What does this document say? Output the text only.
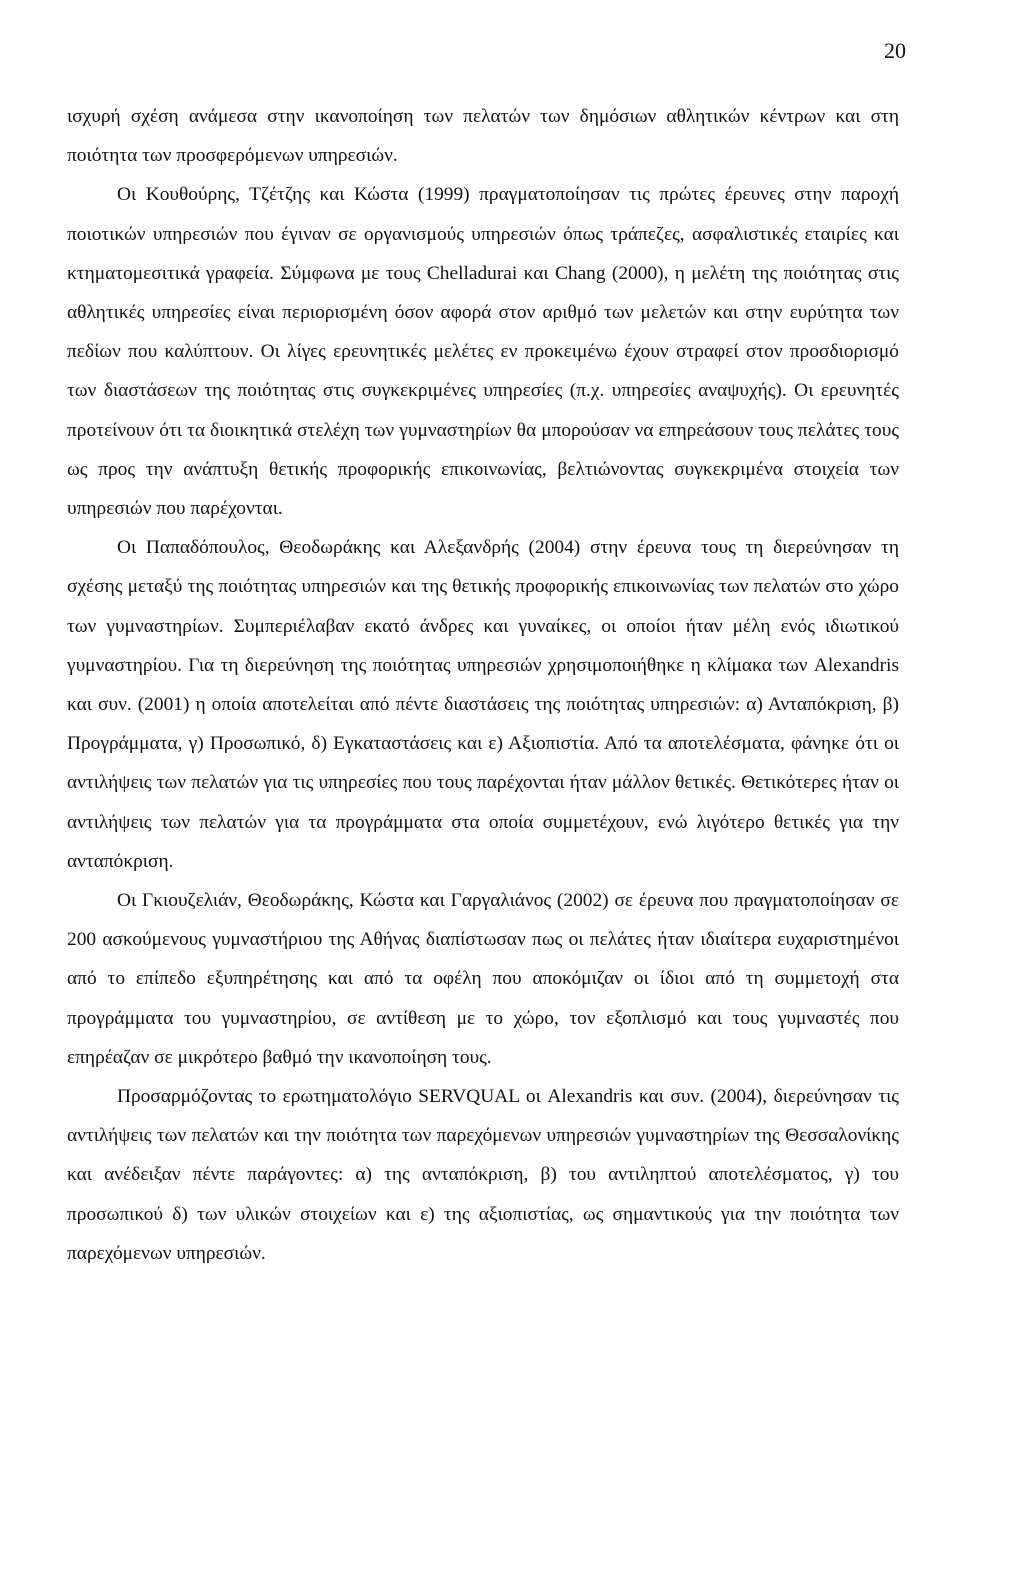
20

ισχυρή σχέση ανάμεσα στην ικανοποίηση των πελατών των δημόσιων αθλητικών κέντρων και στη ποιότητα των προσφερόμενων υπηρεσιών.

Οι Κουθούρης, Τζέτζης και Κώστα (1999) πραγματοποίησαν τις πρώτες έρευνες στην παροχή ποιοτικών υπηρεσιών που έγιναν σε οργανισμούς υπηρεσιών όπως τράπεζες, ασφαλιστικές εταιρίες και κτηματομεσιτικά γραφεία. Σύμφωνα με τους Chelladurai και Chang (2000), η μελέτη της ποιότητας στις αθλητικές υπηρεσίες είναι περιορισμένη όσον αφορά στον αριθμό των μελετών και στην ευρύτητα των πεδίων που καλύπτουν. Οι λίγες ερευνητικές μελέτες εν προκειμένω έχουν στραφεί στον προσδιορισμό των διαστάσεων της ποιότητας στις συγκεκριμένες υπηρεσίες (π.χ. υπηρεσίες αναψυχής). Οι ερευνητές προτείνουν ότι τα διοικητικά στελέχη των γυμναστηρίων θα μπορούσαν να επηρεάσουν τους πελάτες τους ως προς την ανάπτυξη θετικής προφορικής επικοινωνίας, βελτιώνοντας συγκεκριμένα στοιχεία των υπηρεσιών που παρέχονται.

Οι Παπαδόπουλος, Θεοδωράκης και Αλεξανδρής (2004) στην έρευνα τους τη διερεύνησαν τη σχέσης μεταξύ της ποιότητας υπηρεσιών και της θετικής προφορικής επικοινωνίας των πελατών στο χώρο των γυμναστηρίων. Συμπεριέλαβαν εκατό άνδρες και γυναίκες, οι οποίοι ήταν μέλη ενός ιδιωτικού γυμναστηρίου. Για τη διερεύνηση της ποιότητας υπηρεσιών χρησιμοποιήθηκε η κλίμακα των Alexandris και συν. (2001) η οποία αποτελείται από πέντε διαστάσεις της ποιότητας υπηρεσιών: α) Ανταπόκριση, β) Προγράμματα, γ) Προσωπικό, δ) Εγκαταστάσεις και ε) Αξιοπιστία. Από τα αποτελέσματα, φάνηκε ότι οι αντιλήψεις των πελατών για τις υπηρεσίες που τους παρέχονται ήταν μάλλον θετικές. Θετικότερες ήταν οι αντιλήψεις των πελατών για τα προγράμματα στα οποία συμμετέχουν, ενώ λιγότερο θετικές για την ανταπόκριση.

Οι Γκιουζελιάν, Θεοδωράκης, Κώστα και Γαργαλιάνος (2002) σε έρευνα που πραγματοποίησαν σε 200 ασκούμενους γυμναστήριου της Αθήνας διαπίστωσαν πως οι πελάτες ήταν ιδιαίτερα ευχαριστημένοι από το επίπεδο εξυπηρέτησης και από τα οφέλη που αποκόμιζαν οι ίδιοι από τη συμμετοχή στα προγράμματα του γυμναστηρίου, σε αντίθεση με το χώρο, τον εξοπλισμό και τους γυμναστές που επηρέαζαν σε μικρότερο βαθμό την ικανοποίηση τους.

Προσαρμόζοντας το ερωτηματολόγιο SERVQUAL οι Alexandris και συν. (2004), διερεύνησαν τις αντιλήψεις των πελατών και την ποιότητα των παρεχόμενων υπηρεσιών γυμναστηρίων της Θεσσαλονίκης και ανέδειξαν πέντε παράγοντες: α) της ανταπόκριση, β) του αντιληπτού αποτελέσματος, γ) του προσωπικού δ) των υλικών στοιχείων και ε) της αξιοπιστίας, ως σημαντικούς για την ποιότητα των παρεχόμενων υπηρεσιών.
